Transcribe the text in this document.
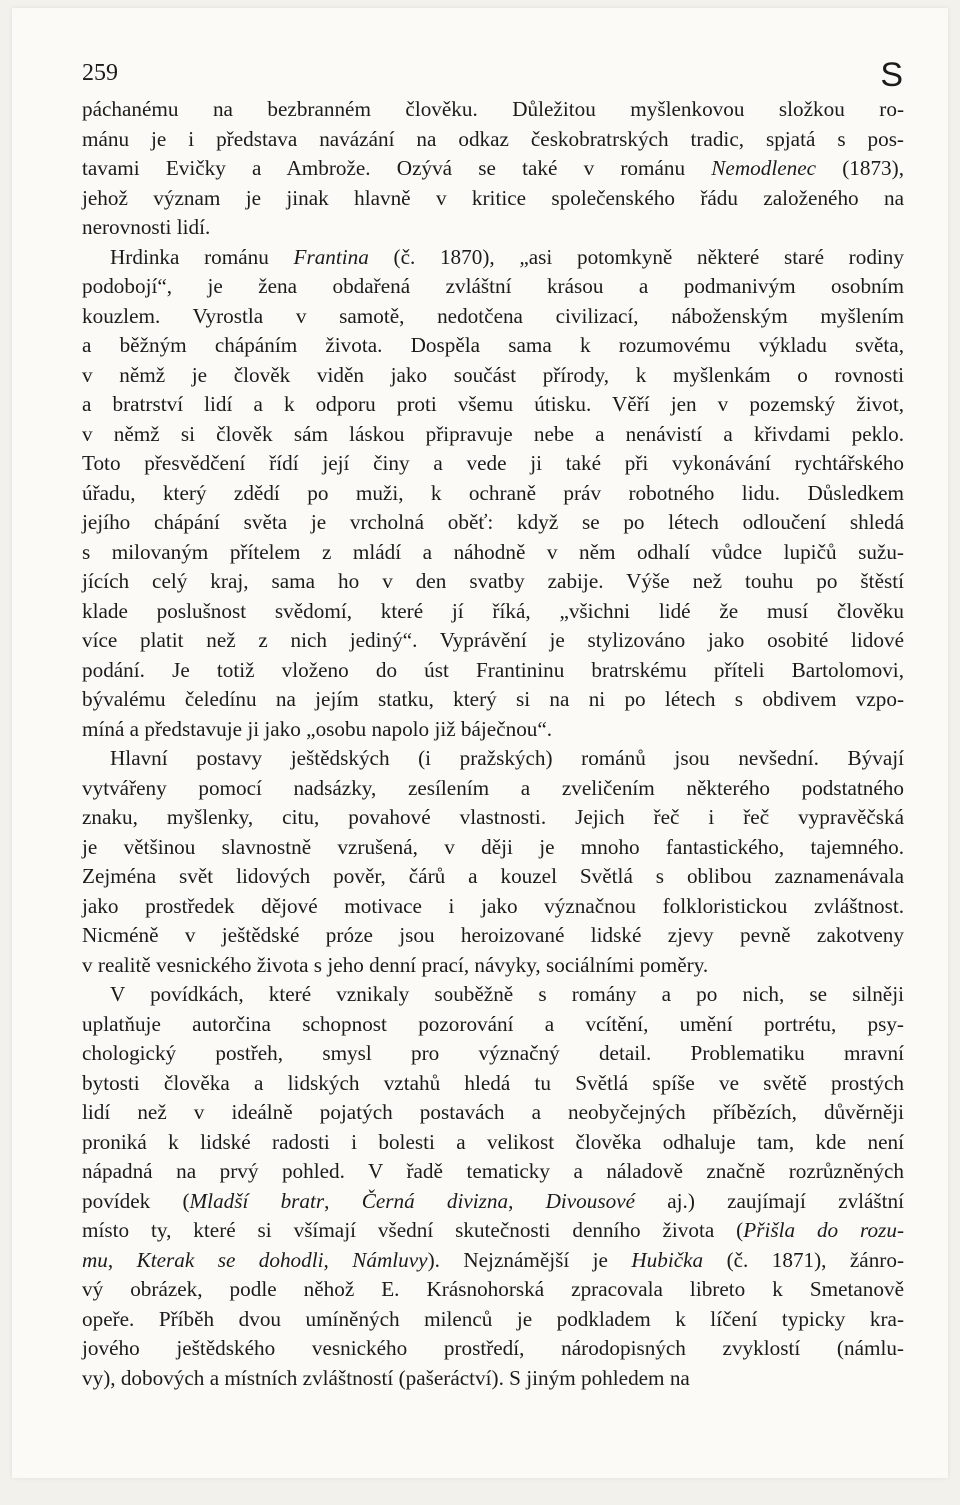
259	S
páchanému na bezbranném člověku. Důležitou myšlenkovou složkou ro-
mánu je i představa navázání na odkaz českobratrských tradic, spjatá s pos-
tavami Evičky a Ambrože. Ozývá se také v románu Nemodlenec (1873),
jehož význam je jinak hlavně v kritice společenského řádu založeného na
nerovnosti lidí.
Hrdinka románu Frantina (č. 1870), „asi potomkyně některé staré rodiny
podobojí“, je žena obdařená zvláštní krásou a podmanivým osobním
kouzlem. Vyrostla v samotě, nedotčena civilizací, náboženským myšlením
a běžným chápáním života. Dospěla sama k rozumovému výkladu světa,
v němž je člověk viděn jako součást přírody, k myšlenkám o rovnosti
a bratrství lidí a k odporu proti všemu útisku. Věří jen v pozemský život,
v němž si člověk sám láskou připravuje nebe a nenávistí a křivdami peklo.
Toto přesvědčení řídí její činy a vede ji také při vykonávání rychtářského
úřadu, který zdědí po muži, k ochraně práv robotného lidu. Důsledkem
jejího chápání světa je vrcholná oběť: když se po létech odloučení shledá
s milovaným přítelem z mládí a náhodně v něm odhalí vůdce lupičů sužu-
jících celý kraj, sama ho v den svatby zabije. Výše než touhu po štěstí
klade poslušnost svědomí, které jí říká, „všichni lidé že musí člověku
více platit než z nich jediný“. Vyprávění je stylizováno jako osobité lidové
podání. Je totiž vloženo do úst Frantininu bratrskému příteli Bartolomovi,
bývalému čeledínu na jejím statku, který si na ni po létech s obdivem vzpo-
míná a představuje ji jako „osobu napolo již báječnou“.
Hlavní postavy ještědských (i pražských) románů jsou nevšední. Bývají
vytvářeny pomocí nadsázky, zesílením a zveličením některého podstatného
znaku, myšlenky, citu, povahové vlastnosti. Jejich řeč i řeč vypravěčská
je většinou slavnostně vzrušená, v ději je mnoho fantastického, tajemného.
Zejména svět lidových pověr, čárů a kouzel Světlá s oblibou zaznamenávala
jako prostředek dějové motivace i jako význačnou folkloristickou zvláštnost.
Nicméně v ještědské próze jsou heroizované lidské zjevy pevně zakotveny
v realitě vesnického života s jeho denní prací, návyky, sociálními poměry.
V povídkách, které vznikaly souběžně s romány a po nich, se silněji
uplatňuje autorčina schopnost pozorování a vcítění, umění portrétu, psy-
chologický postřeh, smysl pro význačný detail. Problematiku mravní
bytosti člověka a lidských vztahů hledá tu Světlá spíše ve světě prostých
lidí než v ideálně pojatých postavách a neobyčejných příbězích, důvěrněji
proniká k lidské radosti i bolesti a velikost člověka odhaluje tam, kde není
nápadná na prvý pohled. V řadě tematicky a náladově značně rozrůzněných
povídek (Mladší bratr, Černá divizna, Divousové aj.) zaujímají zvláštní
místo ty, které si všímají všední skutečnosti denního života (Přišla do rozu-
mu, Kterak se dohodli, Námluvy). Nejznámější je Hubička (č. 1871), žánro-
vý obrázek, podle něhož E. Krásnohorská zpracovala libreto k Smetanově
opeře. Příběh dvou umíněných milenců je podkladem k líčení typicky kra-
jového ještědského vesnického prostředí, národopisných zvyklostí (námlu-
vy), dobových a místních zvláštností (pašeráctví). S jiným pohledem na
